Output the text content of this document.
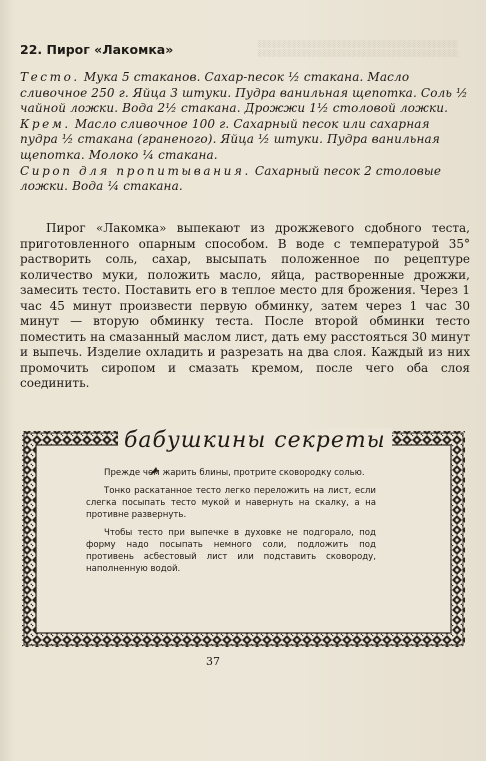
░░░░░░░░░░░░░░░░░░░░░░░░░░░░░░░░░░░░░░░░
░░░░░░░░░░░░░░░░░░░░░░░░░░░░░░░░░░░░░░░░
22. Пирог «Лакомка»

Тесто. Мука 5 стаканов. Сахар-песок ½ стакана. Масло сливочное 250 г. Яйца 3 штуки. Пудра ванильная щепотка. Соль ½ чайной ложки. Вода 2½ стакана. Дрожжи 1½ столовой ложки.

Крем. Масло сливочное 100 г. Сахарный песок или сахарная пудра ½ стакана (граненого). Яйца ½ штуки. Пудра ванильная щепотка. Молоко ¼ стакана.

Сироп для пропитывания. Сахарный песок 2 столовые ложки. Вода ¼ стакана.

Пирог «Лакомка» выпекают из дрожжевого сдобного теста, приготовленного опарным способом. В воде с температурой 35° растворить соль, сахар, высыпать положенное по рецептуре количество муки, положить масло, яйца, растворенные дрожжи, замесить тесто. Поставить его в теплое место для брожения. Через 1 час 45 минут произвести первую обминку, затем через 1 час 30 минут — вторую обминку теста. После второй обминки тесто поместить на смазанный маслом лист, дать ему расстояться 30 минут и выпечь. Изделие охладить и разрезать на два слоя. Каждый из них промочить сиропом и смазать кремом, после чего оба слоя соединить.

бабушкины секреты

Прежде чем жарить блины, протрите сковородку солью.

Тонко раскатанное тесто легко переложить на лист, если слегка посыпать тесто мукой и навернуть на скалку, а на противне развернуть.

Чтобы тесто при выпечке в духовке не подгорало, под форму надо посыпать немного соли, подложить под противень асбестовый лист или подставить сковороду, наполненную водой.

37
